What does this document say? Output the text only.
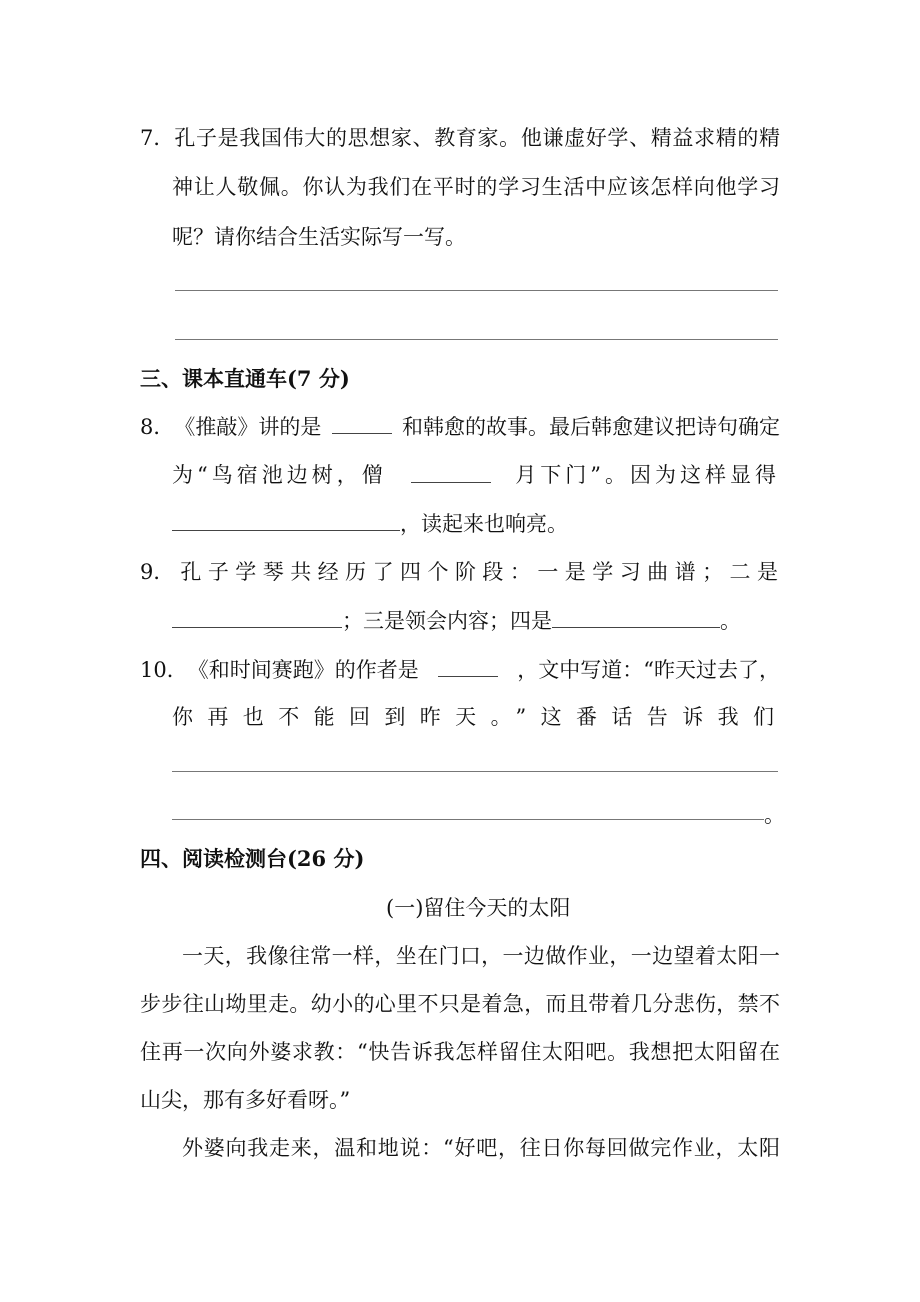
7． 孔子是我国伟大的思想家、教育家。他谦虚好学、精益求精的精
神让人敬佩。你认为我们在平时的学习生活中应该怎样向他学习
呢？请你结合生活实际写一写。
三、课本直通车(7 分)
8． 《推敲》讲的是	和韩愈的故事。最后韩愈建议把诗句确定
为“鸟宿池边树，僧	月下门”。因为这样显得
，读起来也响亮。
9． 孔子学琴共经历了四个阶段：一是学习曲谱；二是
；三是领会内容；四是	。
10． 《和时间赛跑》的作者是	，文中写道：“昨天过去了，
你再也不能回到昨天。”这番话告诉我们
。
四、阅读检测台(26 分)
(一)留住今天的太阳
一天，我像往常一样，坐在门口，一边做作业，一边望着太阳一
步步往山坳里走。幼小的心里不只是着急，而且带着几分悲伤，禁不
住再一次向外婆求教：“快告诉我怎样留住太阳吧。我想把太阳留在
山尖，那有多好看呀。”
外婆向我走来，温和地说：“好吧，往日你每回做完作业，太阳
